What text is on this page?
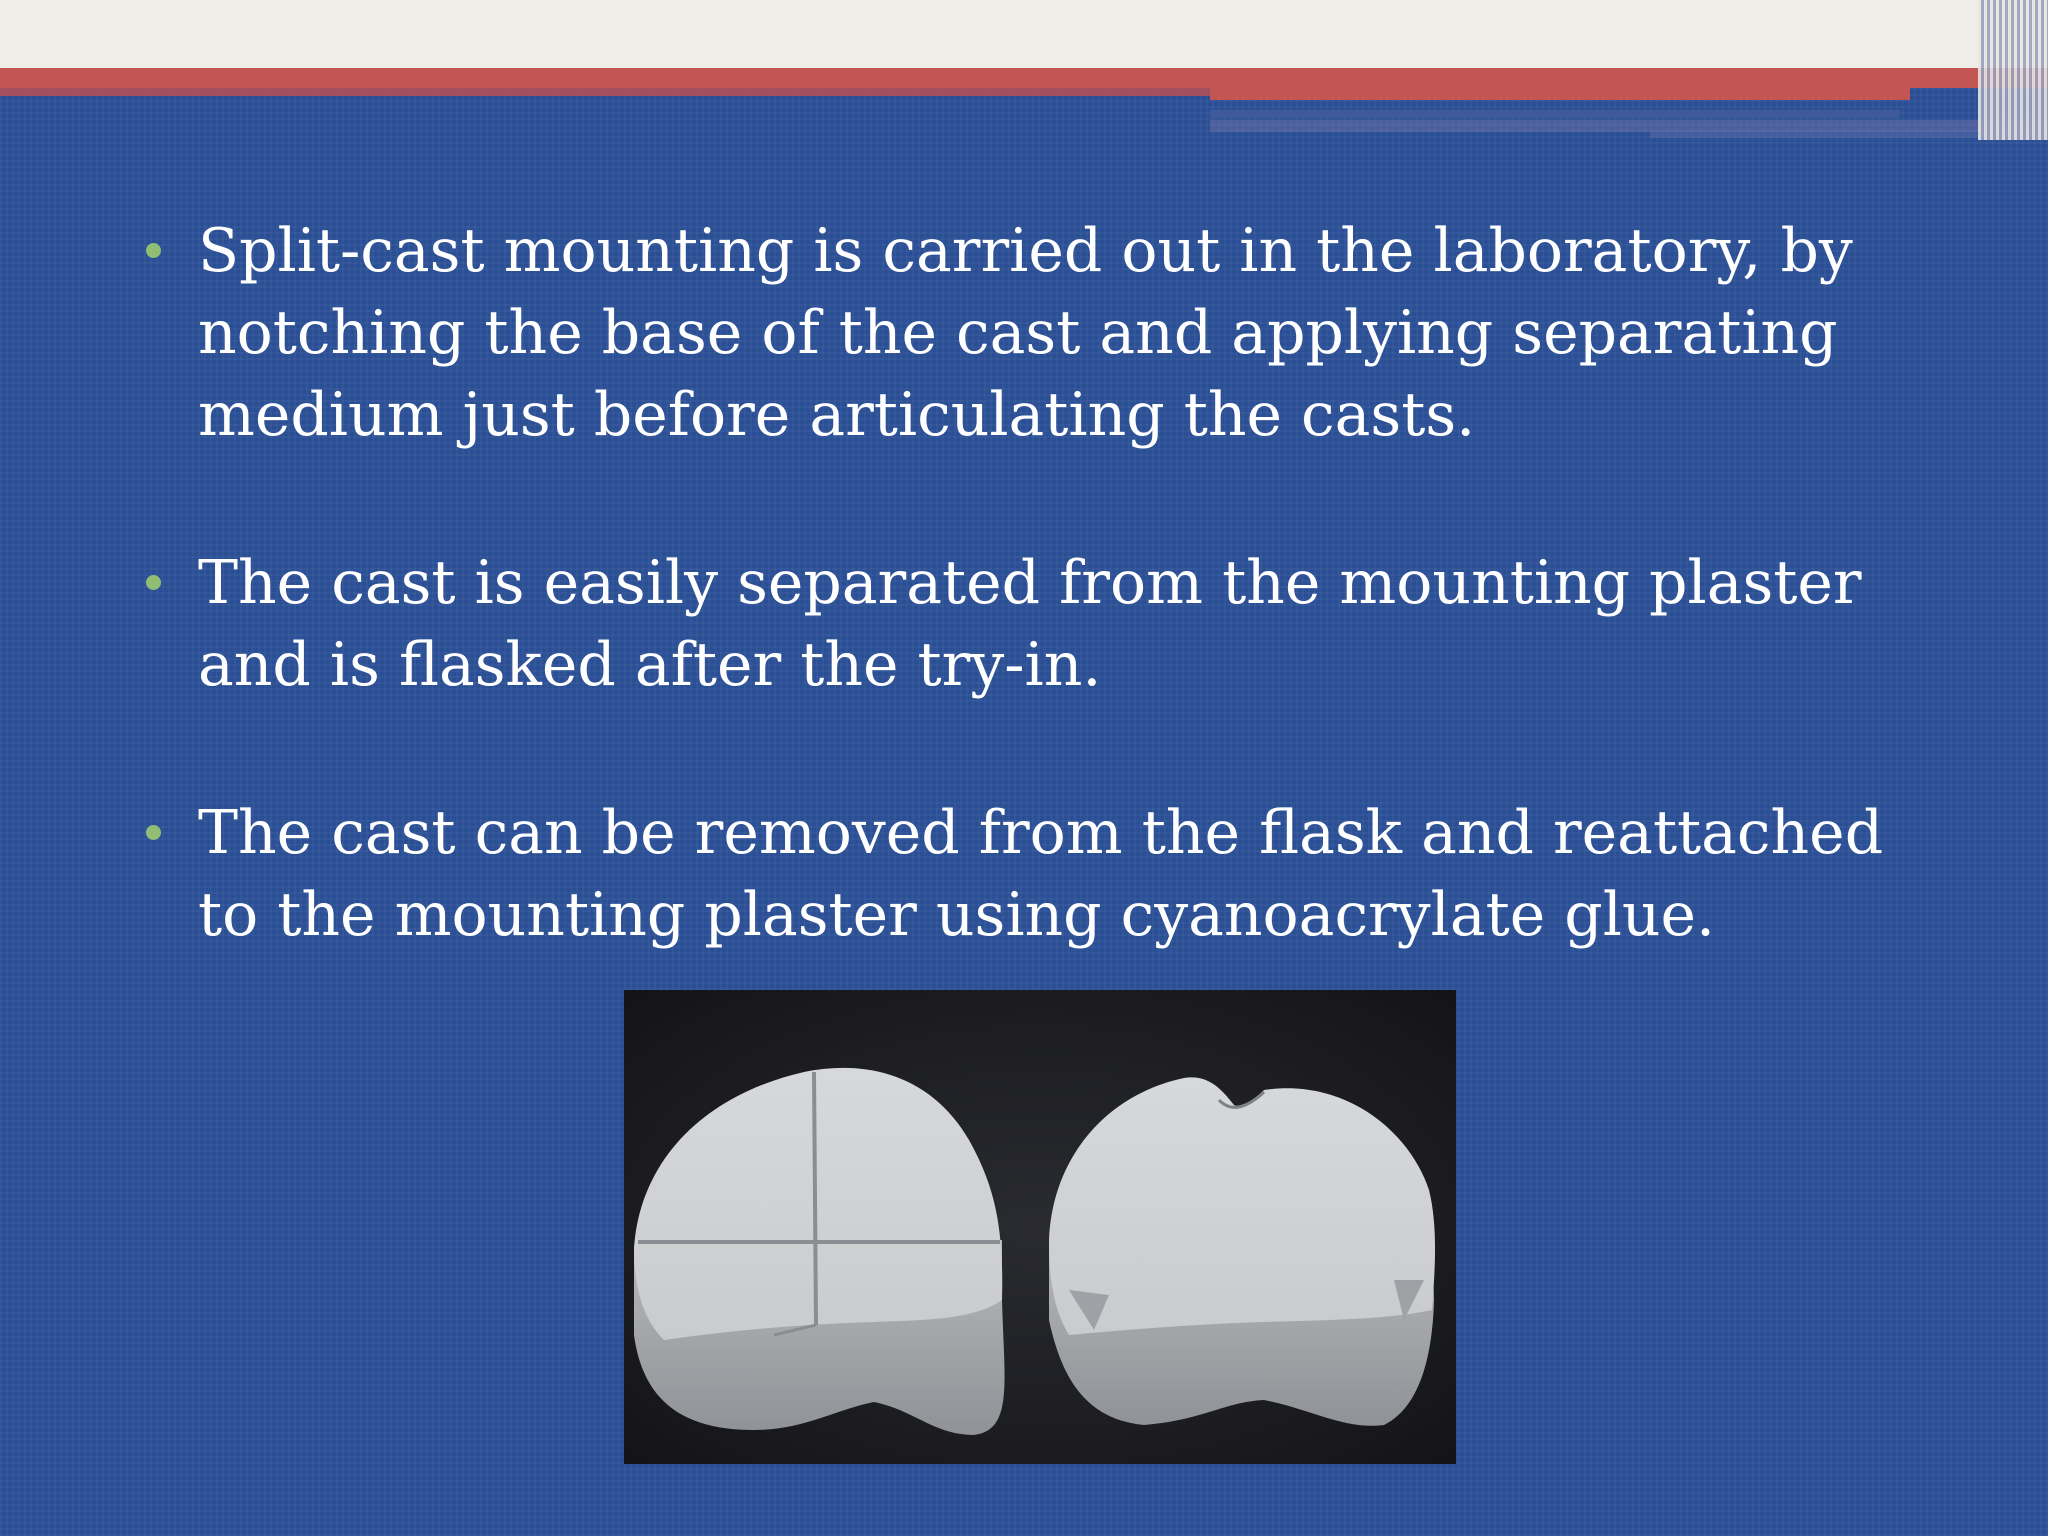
Split-cast mounting is carried out in the laboratory, by notching the base of the cast and applying separating medium just before articulating the casts.
The cast is easily separated from the mounting plaster and is flasked after the try-in.
The cast can be removed from the flask and reattached to the mounting plaster using cyanoacrylate glue.
